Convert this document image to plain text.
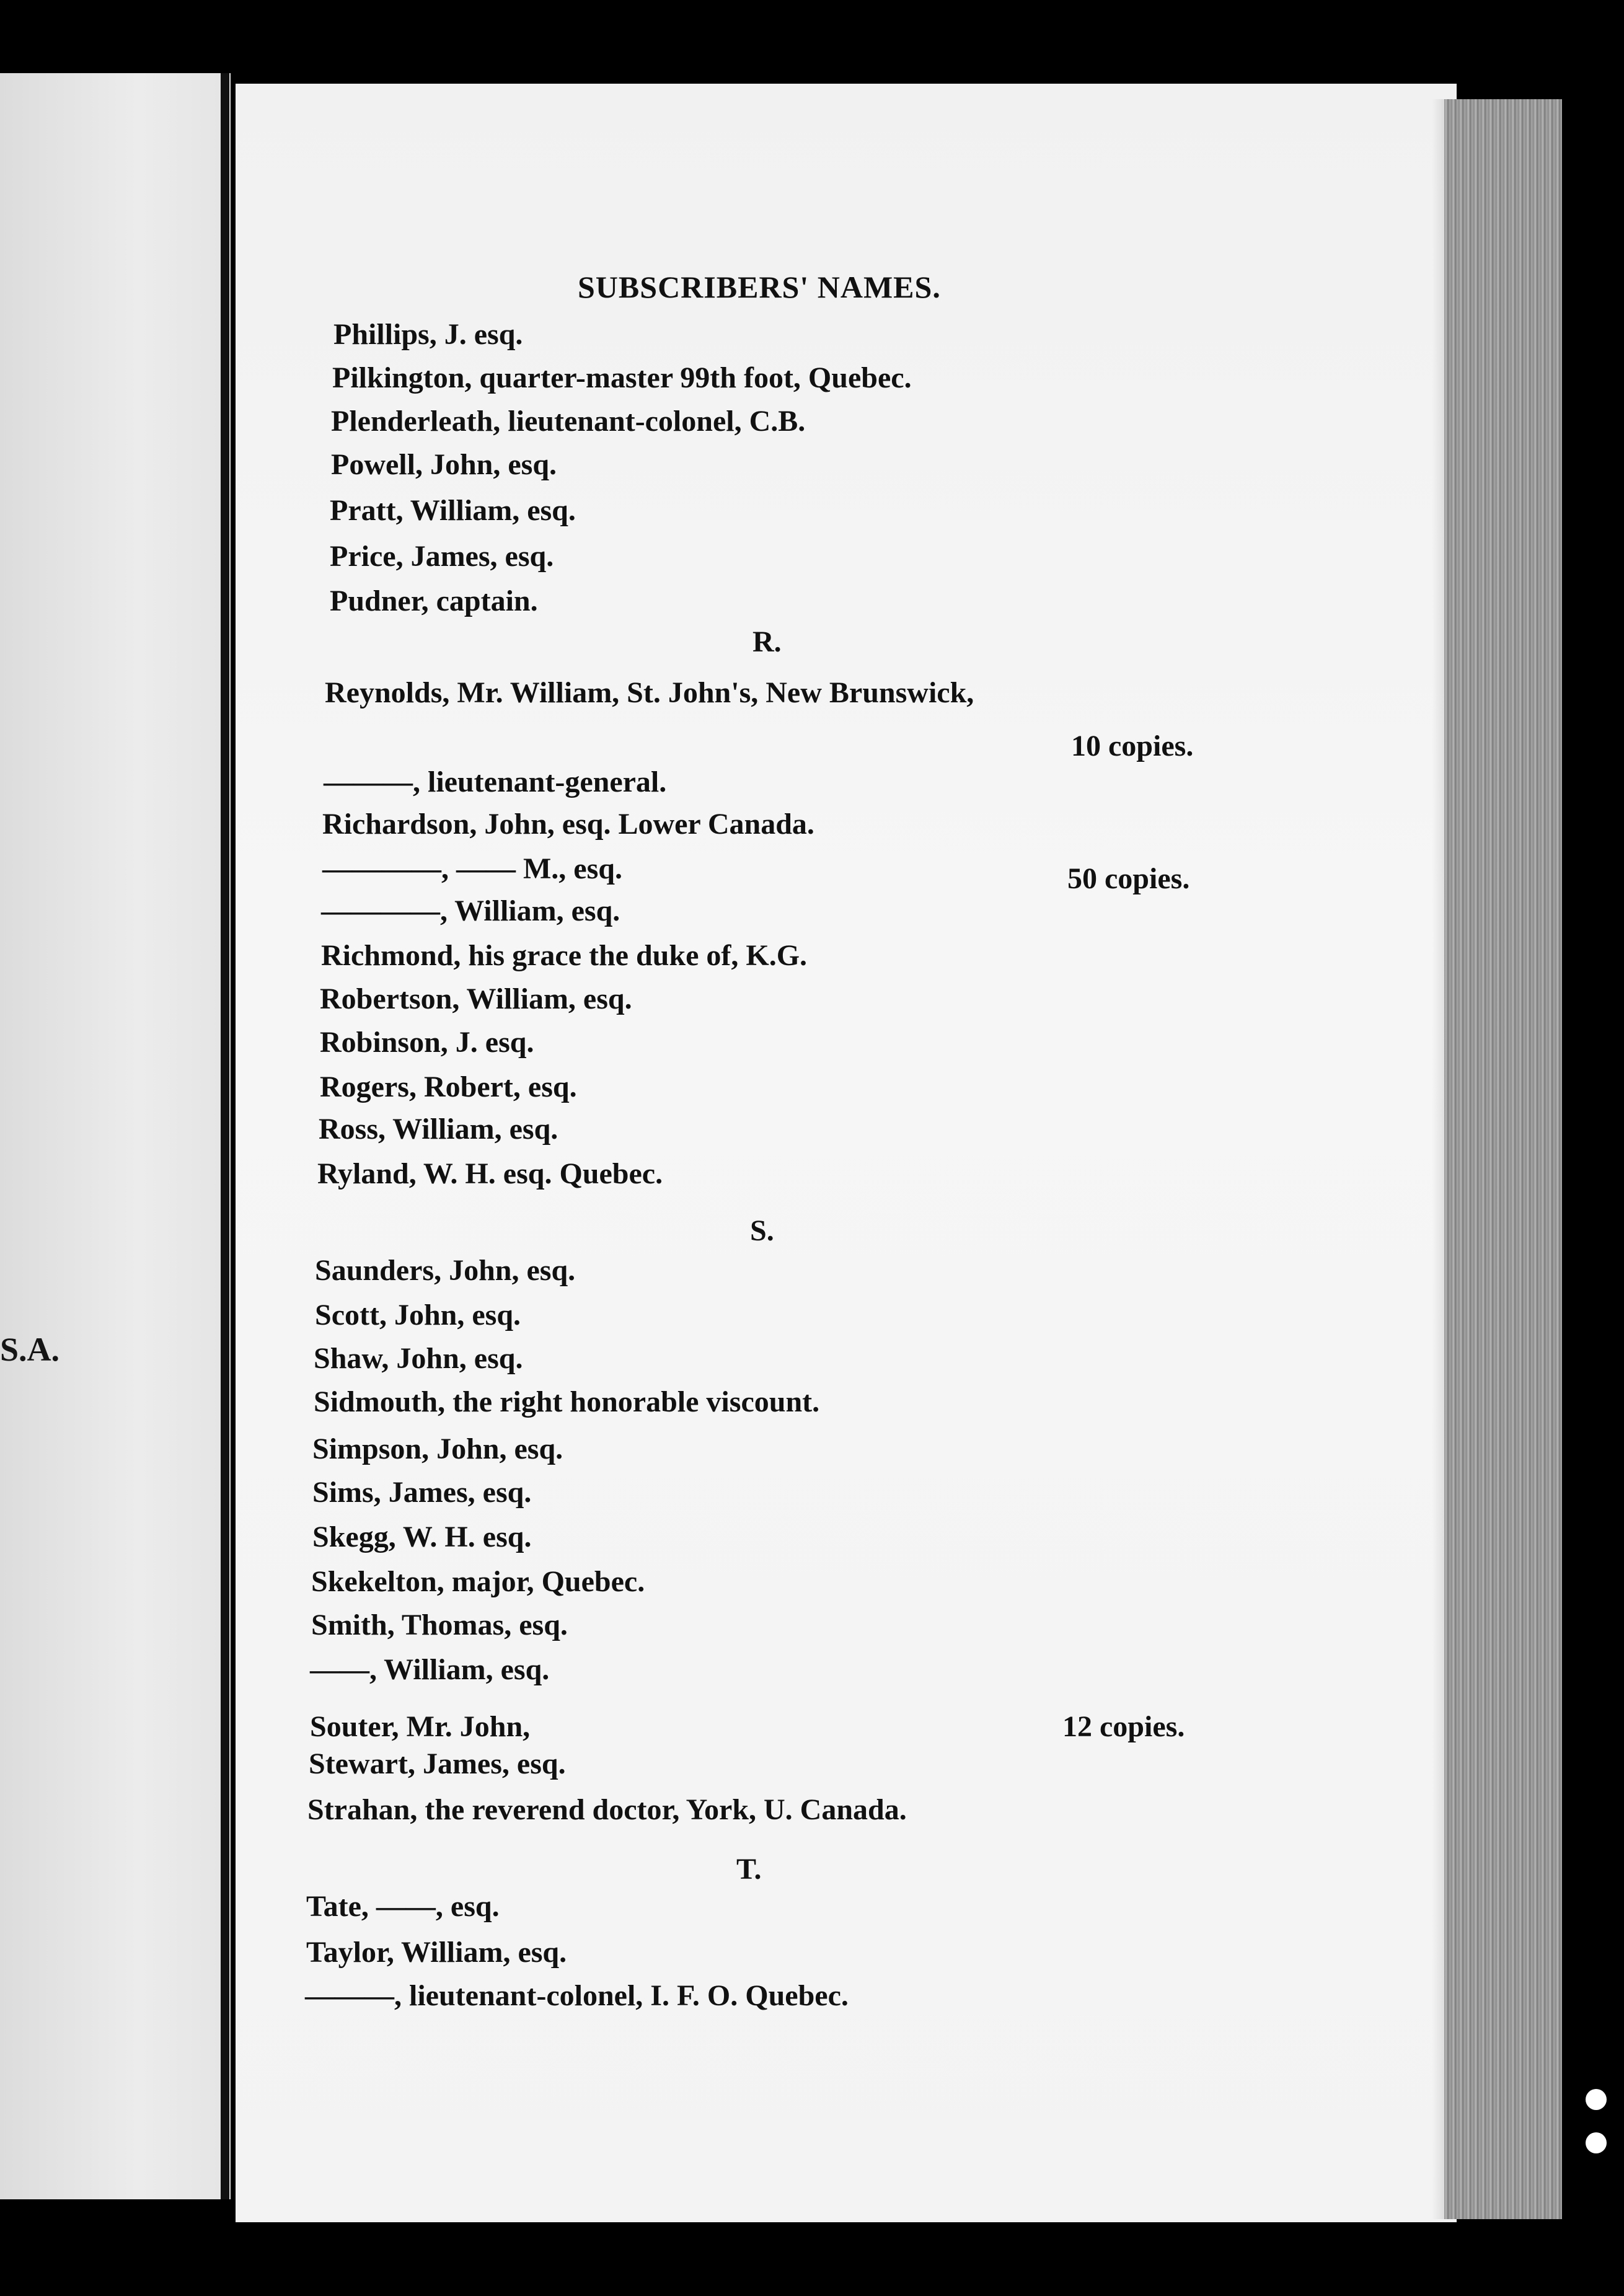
S.A.
SUBSCRIBERS' NAMES.
Phillips, J. esq.
Pilkington, quarter-master 99th foot, Quebec.
Plenderleath, lieutenant-colonel, C.B.
Powell, John, esq.
Pratt, William, esq.
Price, James, esq.
Pudner, captain.
R.
Reynolds, Mr. William, St. John's, New Brunswick,
10 copies.
———, lieutenant-general.
Richardson, John, esq. Lower Canada.
————, —— M., esq.	50 copies.
————, William, esq.
Richmond, his grace the duke of, K.G.
Robertson, William, esq.
Robinson, J. esq.
Rogers, Robert, esq.
Ross, William, esq.
Ryland, W. H. esq. Quebec.
S.
Saunders, John, esq.
Scott, John, esq.
Shaw, John, esq.
Sidmouth, the right honorable viscount.
Simpson, John, esq.
Sims, James, esq.
Skegg, W. H. esq.
Skekelton, major, Quebec.
Smith, Thomas, esq.
——, William, esq.
Souter, Mr. John,	12 copies.
Stewart, James, esq.
Strahan, the reverend doctor, York, U. Canada.
T.
Tate, ——, esq.
Taylor, William, esq.
———, lieutenant-colonel, I. F. O. Quebec.
